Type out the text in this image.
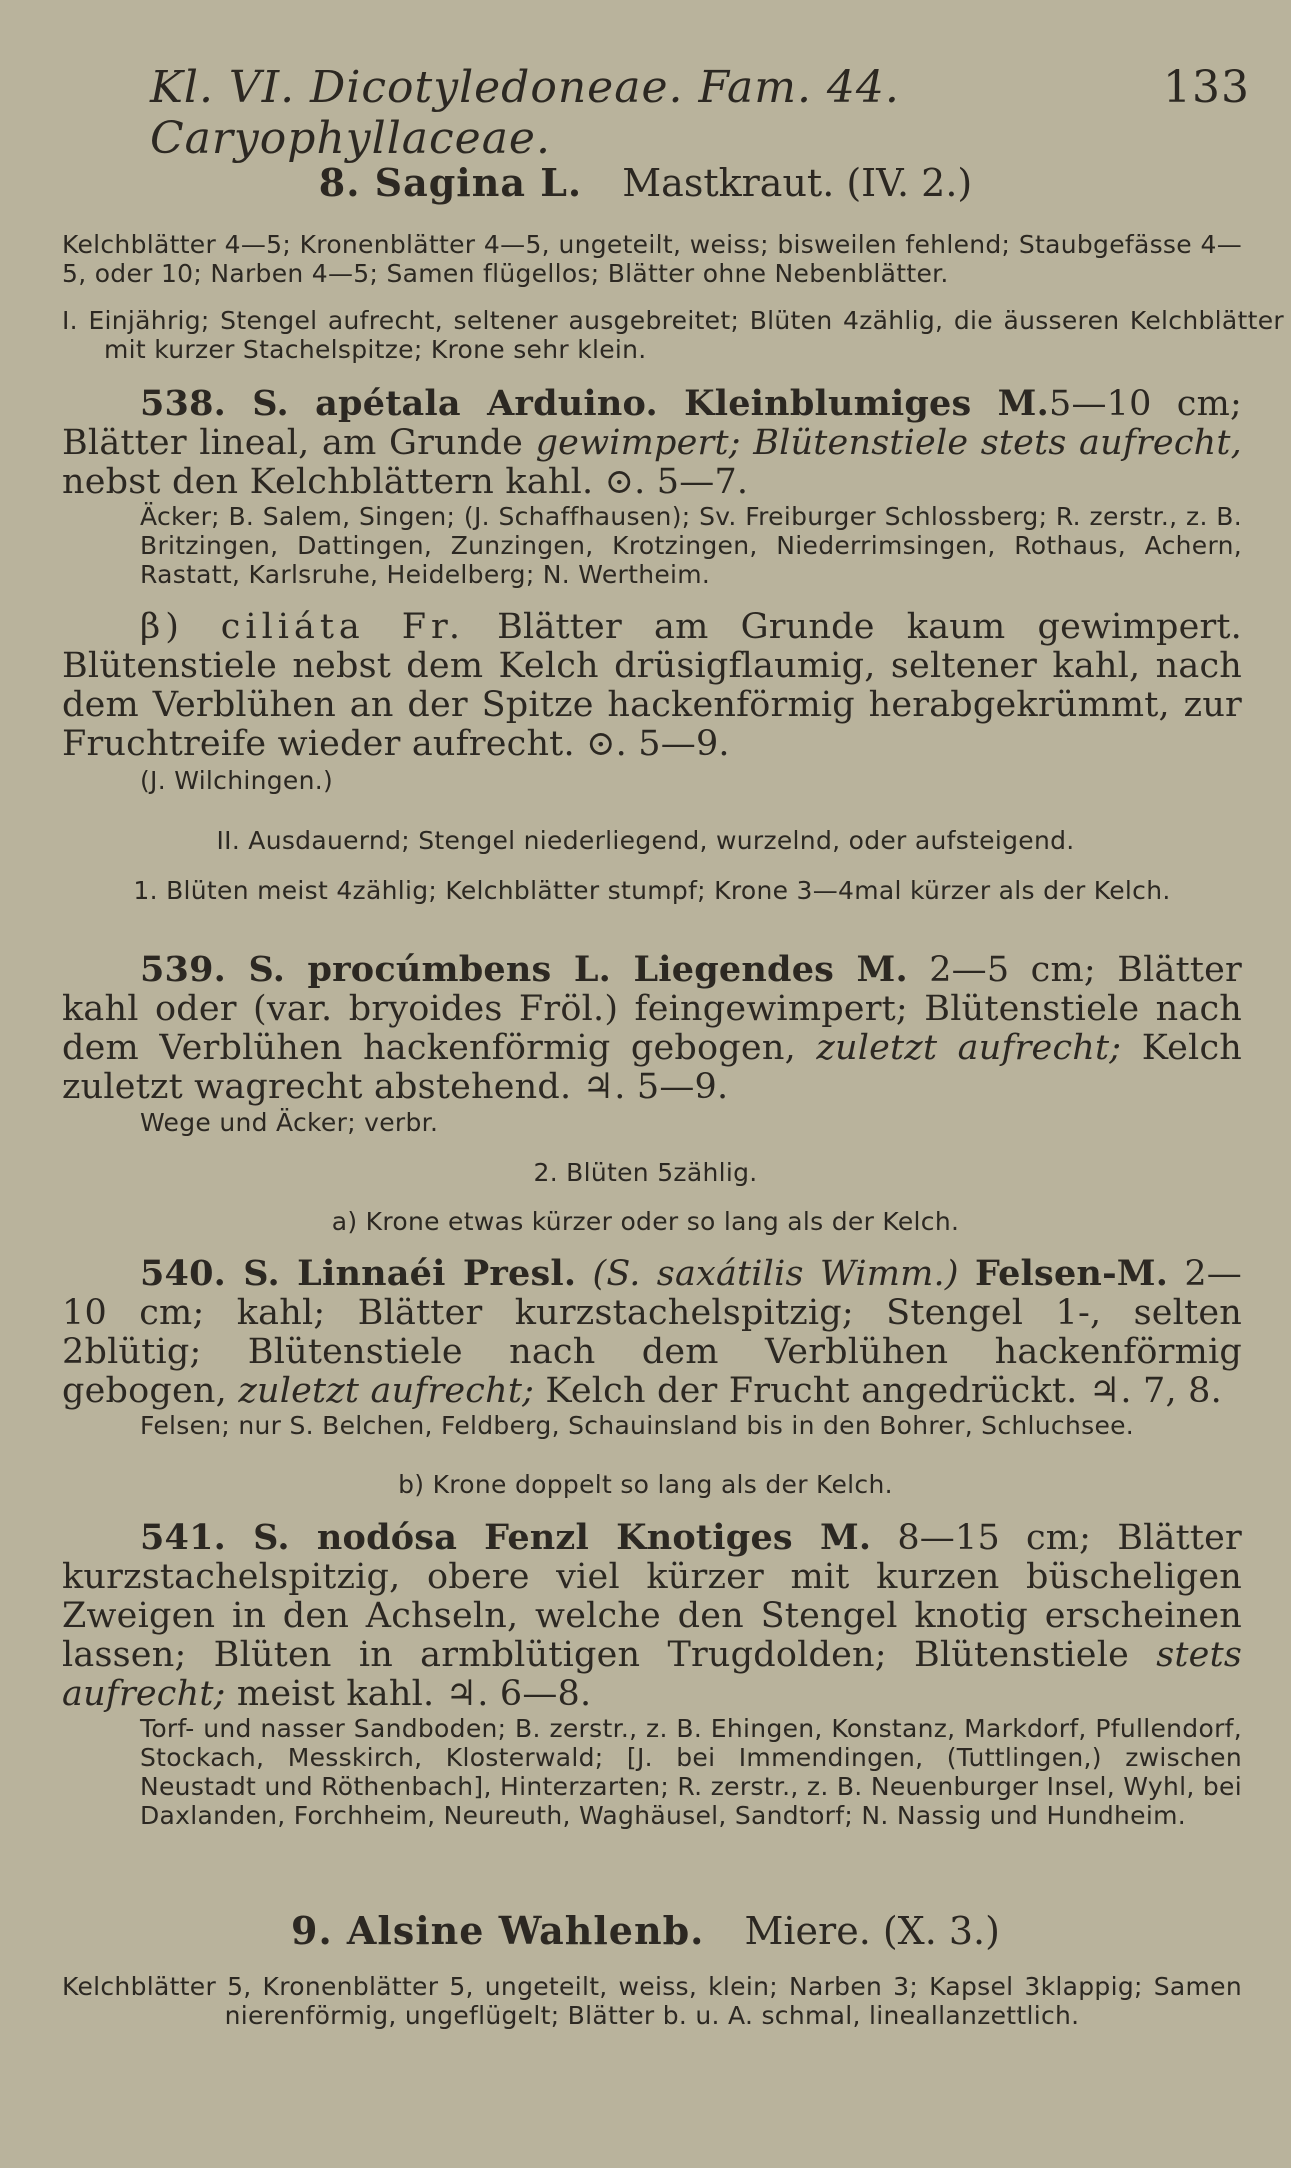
Kl. VI. Dicotyledoneae. Fam. 44. Caryophyllaceae.
133
8. Sagina L. Mastkraut. (IV. 2.)
Kelchblätter 4—5; Kronenblätter 4—5, ungeteilt, weiss; bisweilen fehlend; Staubgefässe 4—5, oder 10; Narben 4—5; Samen flügellos; Blätter ohne Nebenblätter.
I. Einjährig; Stengel aufrecht, seltener ausgebreitet; Blüten 4zählig, die äusseren Kelchblätter mit kurzer Stachelspitze; Krone sehr klein.
538. S. apétala Arduino. Kleinblumiges M.5—10 cm; Blätter lineal, am Grunde gewimpert; Blütenstiele stets aufrecht, nebst den Kelchblättern kahl. ⊙. 5—7.
Äcker; B. Salem, Singen; (J. Schaffhausen); Sv. Freiburger Schlossberg; R. zerstr., z. B. Britzingen, Dattingen, Zunzingen, Krotzingen, Niederrimsingen, Rothaus, Achern, Rastatt, Karlsruhe, Heidelberg; N. Wertheim.
β) ciliáta Fr. Blätter am Grunde kaum gewimpert. Blütenstiele nebst dem Kelch drüsigflaumig, seltener kahl, nach dem Verblühen an der Spitze hackenförmig herabgekrümmt, zur Fruchtreife wieder aufrecht. ⊙. 5—9.
(J. Wilchingen.)
II. Ausdauernd; Stengel niederliegend, wurzelnd, oder aufsteigend.
1. Blüten meist 4zählig; Kelchblätter stumpf; Krone 3—4mal kürzer als der Kelch.
539. S. procúmbens L. Liegendes M. 2—5 cm; Blätter kahl oder (var. bryoides Fröl.) feingewimpert; Blütenstiele nach dem Verblühen hackenförmig gebogen, zuletzt aufrecht; Kelch zuletzt wagrecht abstehend. ♃. 5—9.
Wege und Äcker; verbr.
2. Blüten 5zählig.
a) Krone etwas kürzer oder so lang als der Kelch.
540. S. Linnaéi Presl. (S. saxátilis Wimm.) Felsen-M. 2—10 cm; kahl; Blätter kurzstachelspitzig; Stengel 1-, selten 2blütig; Blütenstiele nach dem Verblühen hackenförmig gebogen, zuletzt aufrecht; Kelch der Frucht angedrückt. ♃. 7, 8.
Felsen; nur S. Belchen, Feldberg, Schauinsland bis in den Bohrer, Schluchsee.
b) Krone doppelt so lang als der Kelch.
541. S. nodósa Fenzl Knotiges M. 8—15 cm; Blätter kurzstachelspitzig, obere viel kürzer mit kurzen büscheligen Zweigen in den Achseln, welche den Stengel knotig erscheinen lassen; Blüten in armblütigen Trugdolden; Blütenstiele stets aufrecht; meist kahl. ♃. 6—8.
Torf- und nasser Sandboden; B. zerstr., z. B. Ehingen, Konstanz, Markdorf, Pfullendorf, Stockach, Messkirch, Klosterwald; [J. bei Immendingen, (Tuttlingen,) zwischen Neustadt und Röthenbach], Hinterzarten; R. zerstr., z. B. Neuenburger Insel, Wyhl, bei Daxlanden, Forchheim, Neureuth, Waghäusel, Sandtorf; N. Nassig und Hundheim.
9. Alsine Wahlenb. Miere. (X. 3.)
Kelchblätter 5, Kronenblätter 5, ungeteilt, weiss, klein; Narben 3; Kapsel 3klappig; Samen nierenförmig, ungeflügelt; Blätter b. u. A. schmal, lineallanzettlich.
